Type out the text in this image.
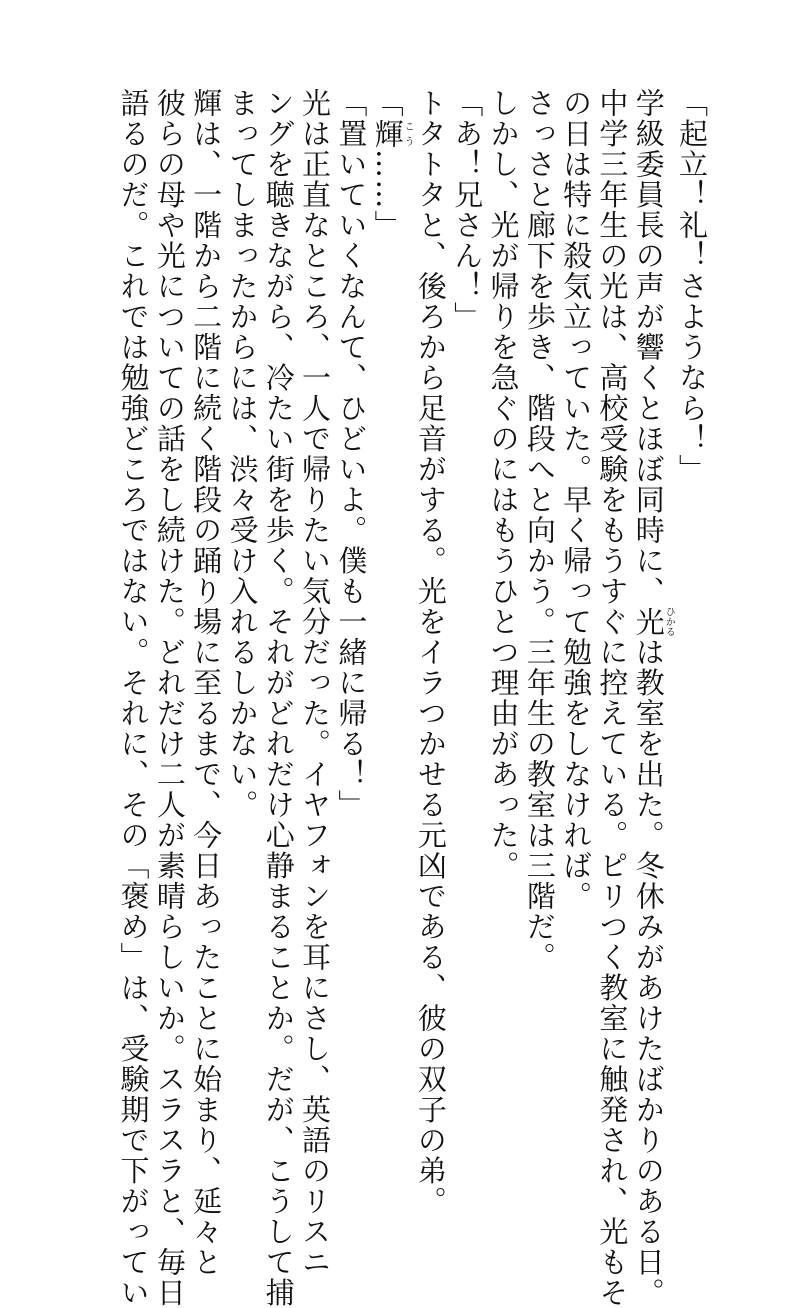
「起立！礼！さようなら！」
学級委員長の声が響くとほぼ同時に、光ひかるは教室を出た。冬休みがあけたばかりのある日。
中学三年生の光は、高校受験をもうすぐに控えている。ピリつく教室に触発され、光もそ
の日は特に殺気立っていた。早く帰って勉強をしなければ。
さっさと廊下を歩き、階段へと向かう。三年生の教室は三階だ。
しかし、光が帰りを急ぐのにはもうひとつ理由があった。
「あ！兄さん！」
トタトタと、後ろから足音がする。光をイラつかせる元凶である、彼の双子の弟。
「輝こう……」
「置いていくなんて、ひどいよ。僕も一緒に帰る！」
光は正直なところ、一人で帰りたい気分だった。イヤフォンを耳にさし、英語のリスニ
ングを聴きながら、冷たい街を歩く。それがどれだけ心静まることか。だが、こうして捕
まってしまったからには、渋々受け入れるしかない。
輝は、一階から二階に続く階段の踊り場に至るまで、今日あったことに始まり、延々と
彼らの母や光についての話をし続けた。どれだけ二人が素晴らしいか。スラスラと、毎日
語るのだ。これでは勉強どころではない。それに、その「褒め」は、受験期で下がってい
